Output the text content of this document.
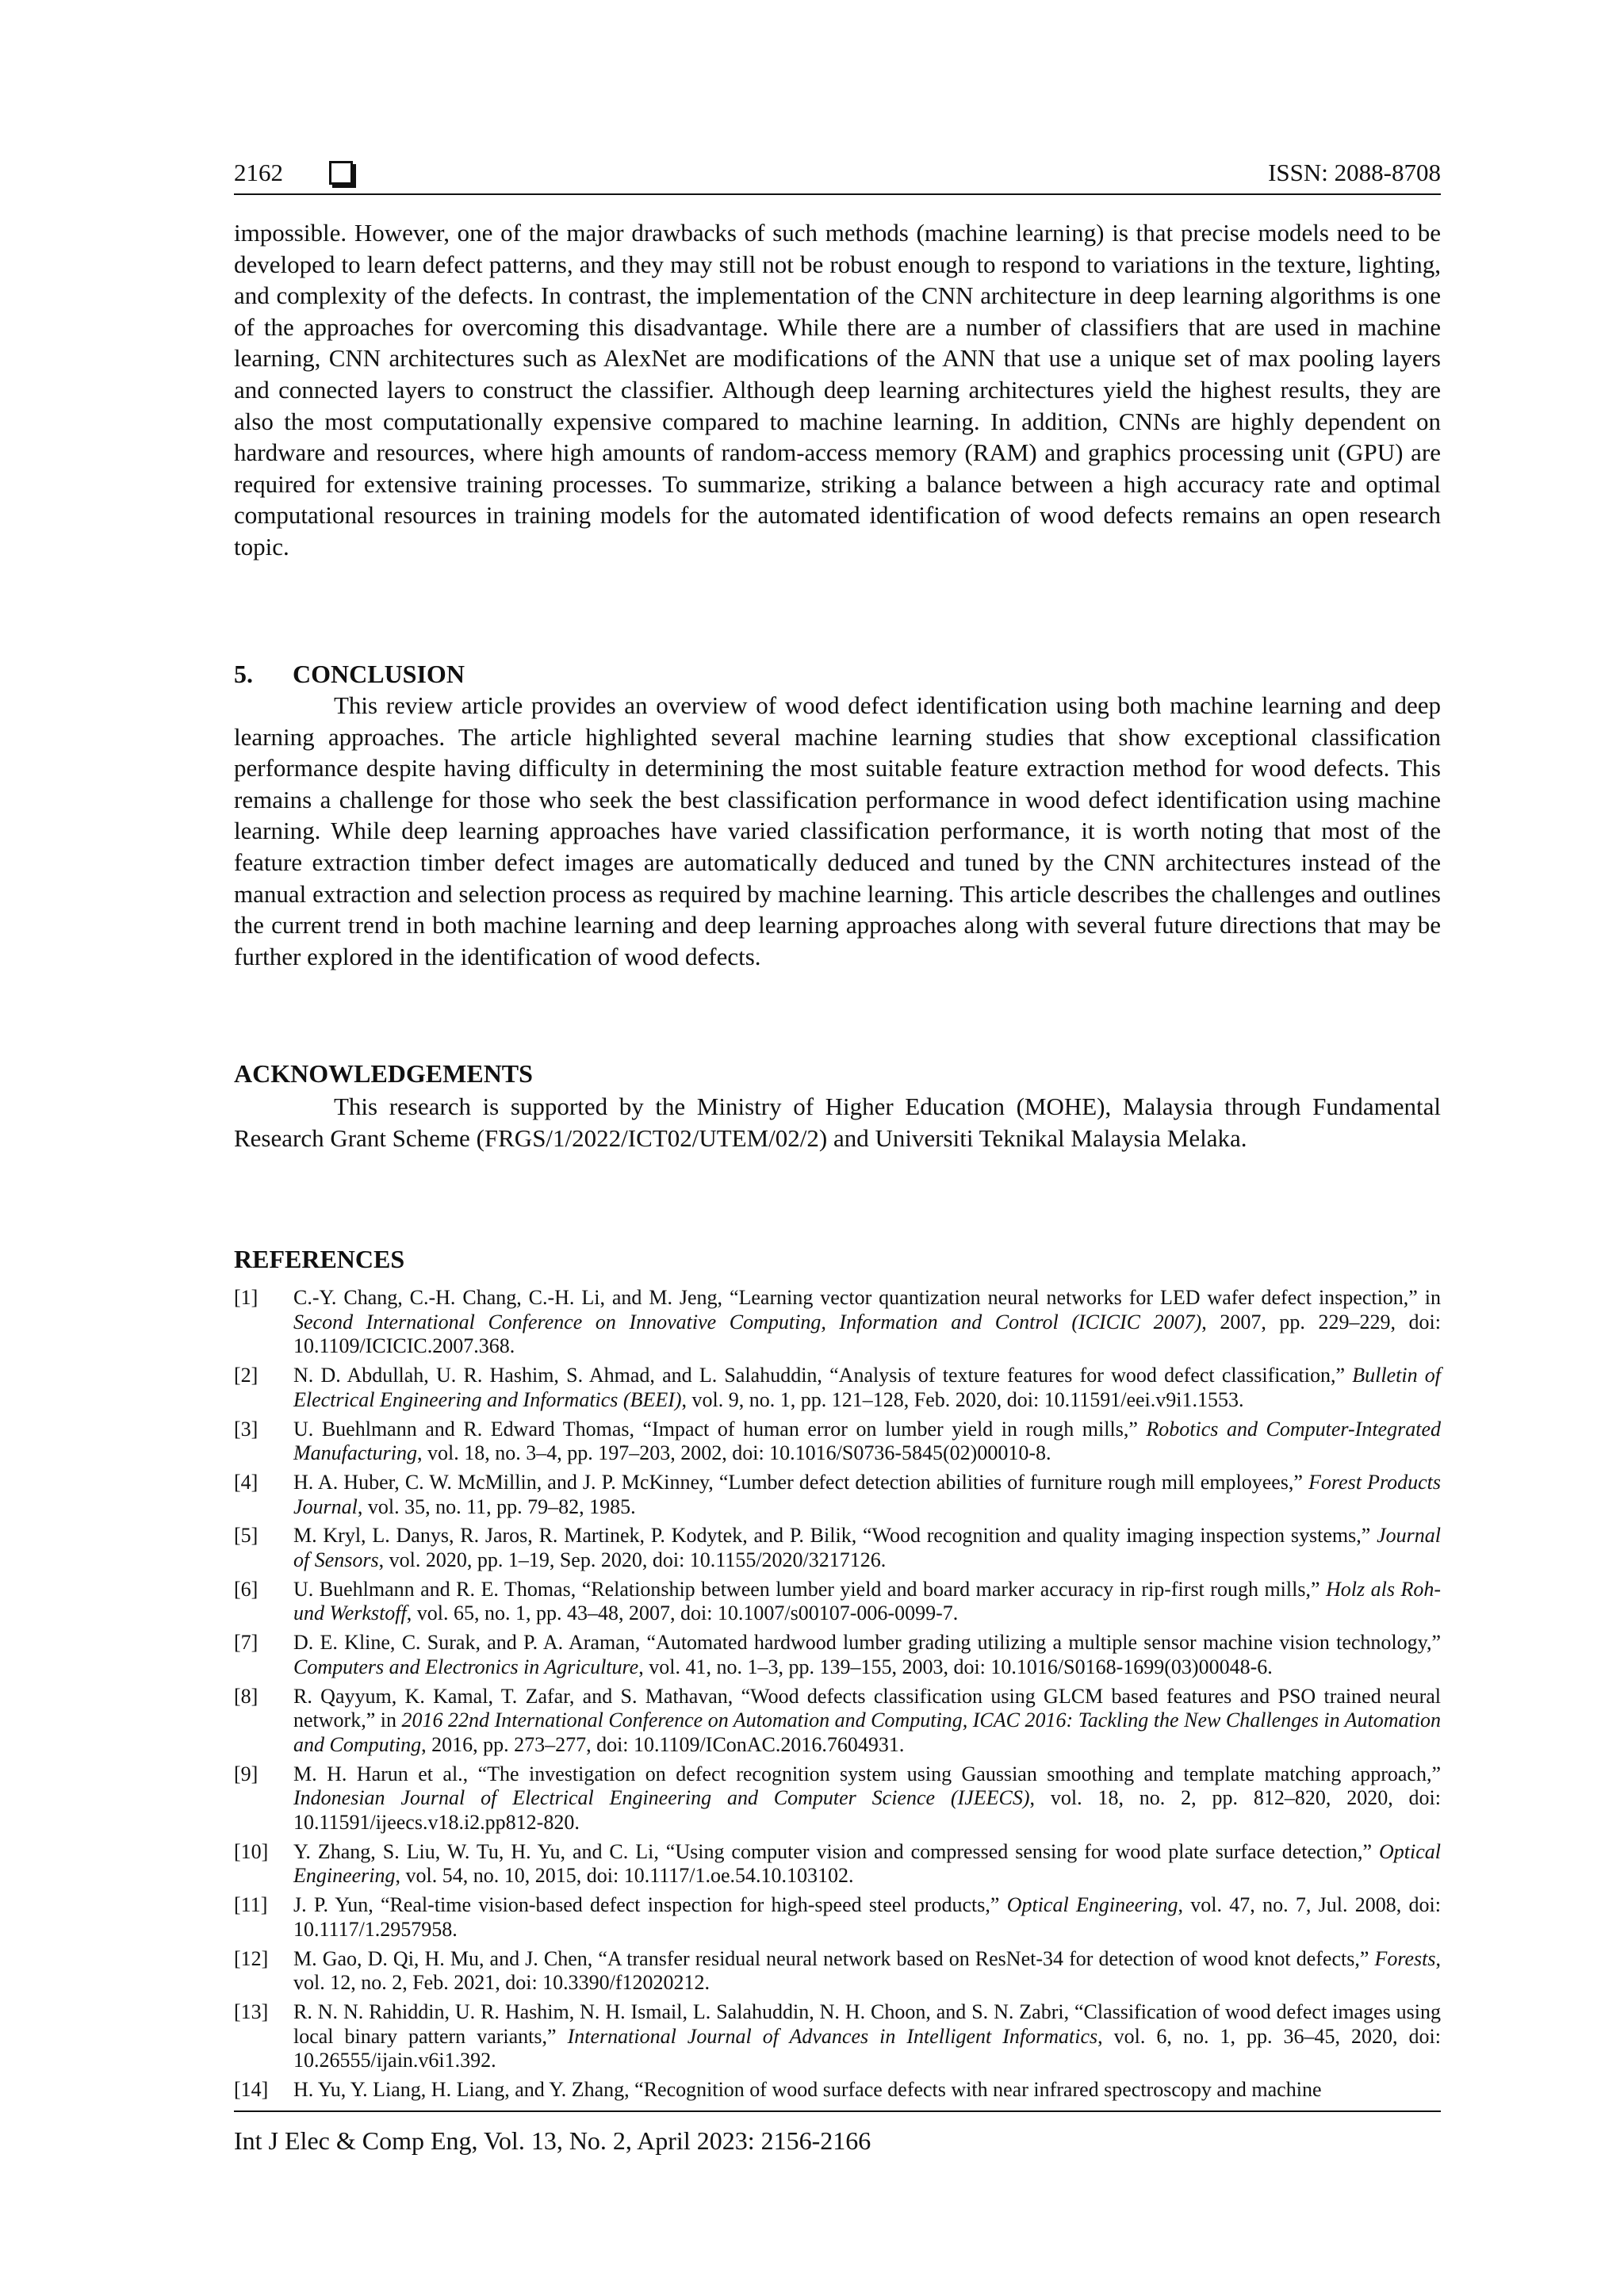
2162	ISSN: 2088-8708

impossible. However, one of the major drawbacks of such methods (machine learning) is that precise models need to be developed to learn defect patterns, and they may still not be robust enough to respond to variations in the texture, lighting, and complexity of the defects. In contrast, the implementation of the CNN architecture in deep learning algorithms is one of the approaches for overcoming this disadvantage. While there are a number of classifiers that are used in machine learning, CNN architectures such as AlexNet are modifications of the ANN that use a unique set of max pooling layers and connected layers to construct the classifier. Although deep learning architectures yield the highest results, they are also the most computationally expensive compared to machine learning. In addition, CNNs are highly dependent on hardware and resources, where high amounts of random-access memory (RAM) and graphics processing unit (GPU) are required for extensive training processes. To summarize, striking a balance between a high accuracy rate and optimal computational resources in training models for the automated identification of wood defects remains an open research topic.

5. CONCLUSION

This review article provides an overview of wood defect identification using both machine learning and deep learning approaches. The article highlighted several machine learning studies that show exceptional classification performance despite having difficulty in determining the most suitable feature extraction method for wood defects. This remains a challenge for those who seek the best classification performance in wood defect identification using machine learning. While deep learning approaches have varied classification performance, it is worth noting that most of the feature extraction timber defect images are automatically deduced and tuned by the CNN architectures instead of the manual extraction and selection process as required by machine learning. This article describes the challenges and outlines the current trend in both machine learning and deep learning approaches along with several future directions that may be further explored in the identification of wood defects.

ACKNOWLEDGEMENTS

This research is supported by the Ministry of Higher Education (MOHE), Malaysia through Fundamental Research Grant Scheme (FRGS/1/2022/ICT02/UTEM/02/2) and Universiti Teknikal Malaysia Melaka.

REFERENCES
[1]	C.-Y. Chang, C.-H. Chang, C.-H. Li, and M. Jeng, “Learning vector quantization neural networks for LED wafer defect inspection,” in Second International Conference on Innovative Computing, Information and Control (ICICIC 2007), 2007, pp. 229–229, doi: 10.1109/ICICIC.2007.368.
[2]	N. D. Abdullah, U. R. Hashim, S. Ahmad, and L. Salahuddin, “Analysis of texture features for wood defect classification,” Bulletin of Electrical Engineering and Informatics (BEEI), vol. 9, no. 1, pp. 121–128, Feb. 2020, doi: 10.11591/eei.v9i1.1553.
[3]	U. Buehlmann and R. Edward Thomas, “Impact of human error on lumber yield in rough mills,” Robotics and Computer-Integrated Manufacturing, vol. 18, no. 3–4, pp. 197–203, 2002, doi: 10.1016/S0736-5845(02)00010-8.
[4]	H. A. Huber, C. W. McMillin, and J. P. McKinney, “Lumber defect detection abilities of furniture rough mill employees,” Forest Products Journal, vol. 35, no. 11, pp. 79–82, 1985.
[5]	M. Kryl, L. Danys, R. Jaros, R. Martinek, P. Kodytek, and P. Bilik, “Wood recognition and quality imaging inspection systems,” Journal of Sensors, vol. 2020, pp. 1–19, Sep. 2020, doi: 10.1155/2020/3217126.
[6]	U. Buehlmann and R. E. Thomas, “Relationship between lumber yield and board marker accuracy in rip-first rough mills,” Holz als Roh-und Werkstoff, vol. 65, no. 1, pp. 43–48, 2007, doi: 10.1007/s00107-006-0099-7.
[7]	D. E. Kline, C. Surak, and P. A. Araman, “Automated hardwood lumber grading utilizing a multiple sensor machine vision technology,” Computers and Electronics in Agriculture, vol. 41, no. 1–3, pp. 139–155, 2003, doi: 10.1016/S0168-1699(03)00048-6.
[8]	R. Qayyum, K. Kamal, T. Zafar, and S. Mathavan, “Wood defects classification using GLCM based features and PSO trained neural network,” in 2016 22nd International Conference on Automation and Computing, ICAC 2016: Tackling the New Challenges in Automation and Computing, 2016, pp. 273–277, doi: 10.1109/IConAC.2016.7604931.
[9]	M. H. Harun et al., “The investigation on defect recognition system using Gaussian smoothing and template matching approach,” Indonesian Journal of Electrical Engineering and Computer Science (IJEECS), vol. 18, no. 2, pp. 812–820, 2020, doi: 10.11591/ijeecs.v18.i2.pp812-820.
[10]	Y. Zhang, S. Liu, W. Tu, H. Yu, and C. Li, “Using computer vision and compressed sensing for wood plate surface detection,” Optical Engineering, vol. 54, no. 10, 2015, doi: 10.1117/1.oe.54.10.103102.
[11]	J. P. Yun, “Real-time vision-based defect inspection for high-speed steel products,” Optical Engineering, vol. 47, no. 7, Jul. 2008, doi: 10.1117/1.2957958.
[12]	M. Gao, D. Qi, H. Mu, and J. Chen, “A transfer residual neural network based on ResNet-34 for detection of wood knot defects,” Forests, vol. 12, no. 2, Feb. 2021, doi: 10.3390/f12020212.
[13]	R. N. N. Rahiddin, U. R. Hashim, N. H. Ismail, L. Salahuddin, N. H. Choon, and S. N. Zabri, “Classification of wood defect images using local binary pattern variants,” International Journal of Advances in Intelligent Informatics, vol. 6, no. 1, pp. 36–45, 2020, doi: 10.26555/ijain.v6i1.392.
[14]	H. Yu, Y. Liang, H. Liang, and Y. Zhang, “Recognition of wood surface defects with near infrared spectroscopy and machine
Int J Elec & Comp Eng, Vol. 13, No. 2, April 2023: 2156-2166
